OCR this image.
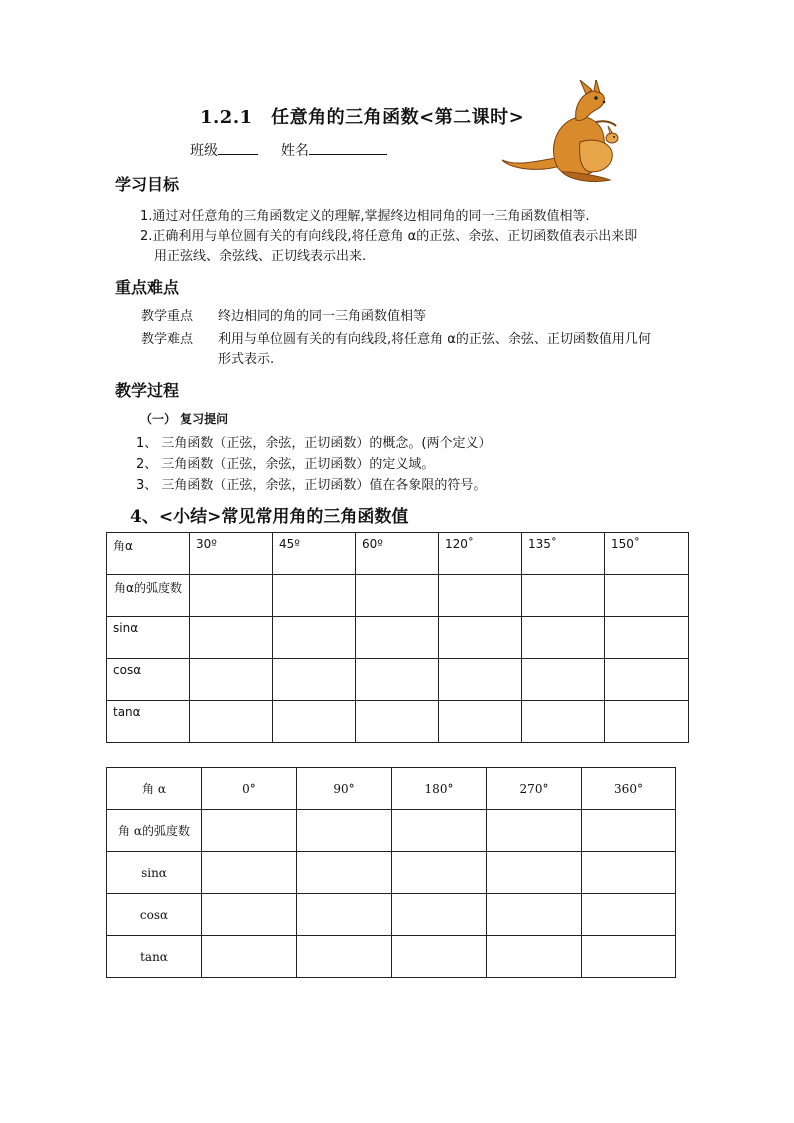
1.2.1　任意角的三角函数<第二课时>
班级	姓名
学习目标
1.通过对任意角的三角函数定义的理解,掌握终边相同角的同一三角函数值相等.
2.正确利用与单位圆有关的有向线段,将任意角 α的正弦、余弦、正切函数值表示出来即
用正弦线、余弦线、正切线表示出来.
重点难点
教学重点 终边相同的角的同一三角函数值相等
教学难点 利用与单位圆有关的有向线段,将任意角 α的正弦、余弦、正切函数值用几何
形式表示.
教学过程
（一） 复习提问
1、 三角函数（正弦，余弦，正切函数）的概念。(两个定义）
2、 三角函数（正弦，余弦，正切函数）的定义域。
3、 三角函数（正弦，余弦，正切函数）值在各象限的符号。
4、<小结>常见常用角的三角函数值
角α	30º	45º	60º	120˚	135˚	150˚
角α的弧度数						
sinα						
cosα						
tanα						
角 α	0°	90°	180°	270°	360°
角 α的弧度数					
sinα					
cosα					
tanα					
